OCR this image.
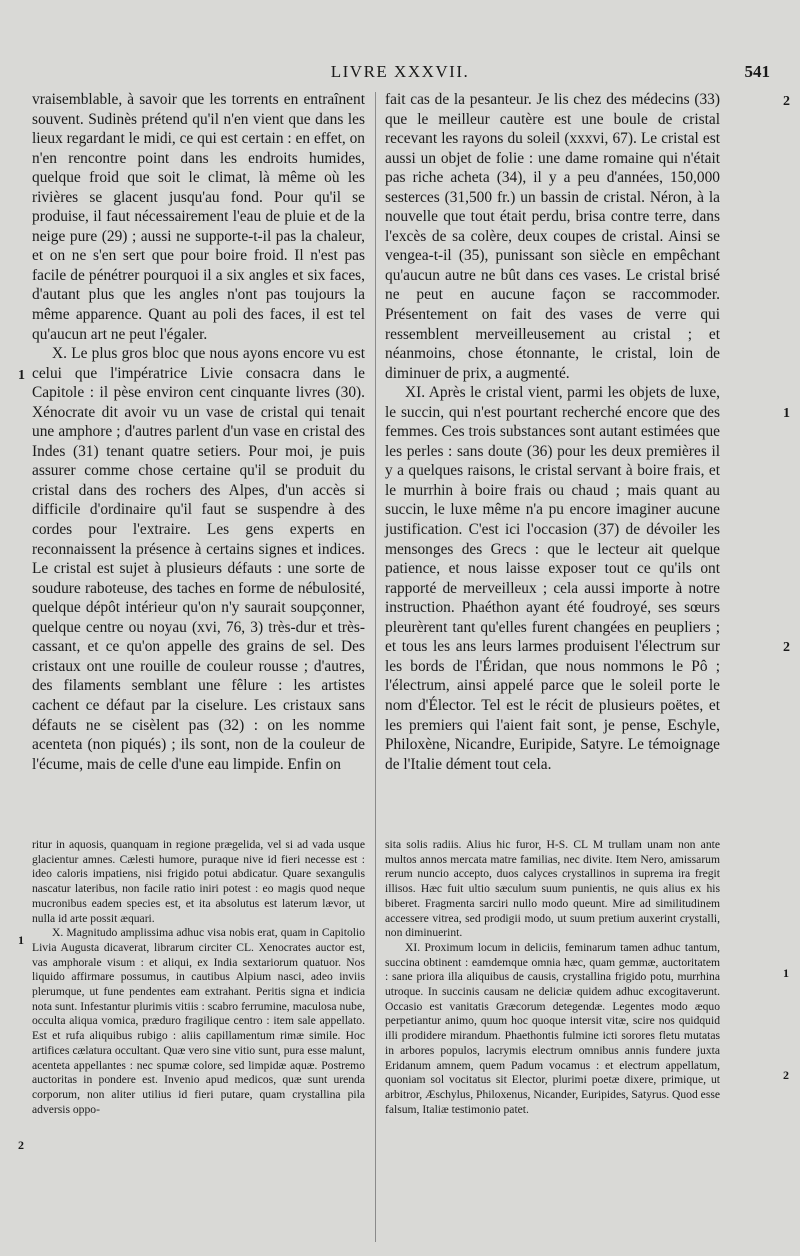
LIVRE XXXVII.	541

vraisemblable, à savoir que les torrents en entraînent souvent. Sudinès prétend qu'il n'en vient que dans les lieux regardant le midi, ce qui est certain : en effet, on n'en rencontre point dans les endroits humides, quelque froid que soit le climat, là même où les rivières se glacent jusqu'au fond. Pour qu'il se produise, il faut nécessairement l'eau de pluie et de la neige pure (29) ; aussi ne supporte-t-il pas la chaleur, et on ne s'en sert que pour boire froid. Il n'est pas facile de pénétrer pourquoi il a six angles et six faces, d'autant plus que les angles n'ont pas toujours la même apparence. Quant au poli des faces, il est tel qu'aucun art ne peut l'égaler.

X. Le plus gros bloc que nous ayons encore vu est celui que l'impératrice Livie consacra dans le Capitole : il pèse environ cent cinquante livres (30). Xénocrate dit avoir vu un vase de cristal qui tenait une amphore ; d'autres parlent d'un vase en cristal des Indes (31) tenant quatre setiers. Pour moi, je puis assurer comme chose certaine qu'il se produit du cristal dans des rochers des Alpes, d'un accès si difficile d'ordinaire qu'il faut se suspendre à des cordes pour l'extraire. Les gens experts en reconnaissent la présence à certains signes et indices. Le cristal est sujet à plusieurs défauts : une sorte de soudure raboteuse, des taches en forme de nébulosité, quelque dépôt intérieur qu'on n'y saurait soupçonner, quelque centre ou noyau (xvi, 76, 3) très-dur et très-cassant, et ce qu'on appelle des grains de sel. Des cristaux ont une rouille de couleur rousse ; d'autres, des filaments semblant une fêlure : les artistes cachent ce défaut par la ciselure. Les cristaux sans défauts ne se cisèlent pas (32) : on les nomme acenteta (non piqués) ; ils sont, non de la couleur de l'écume, mais de celle d'une eau limpide. Enfin on

fait cas de la pesanteur. Je lis chez des médecins (33) que le meilleur cautère est une boule de cristal recevant les rayons du soleil (xxxvi, 67). Le cristal est aussi un objet de folie : une dame romaine qui n'était pas riche acheta (34), il y a peu d'années, 150,000 sesterces (31,500 fr.) un bassin de cristal. Néron, à la nouvelle que tout était perdu, brisa contre terre, dans l'excès de sa colère, deux coupes de cristal. Ainsi se vengea-t-il (35), punissant son siècle en empêchant qu'aucun autre ne bût dans ces vases. Le cristal brisé ne peut en aucune façon se raccommoder. Présentement on fait des vases de verre qui ressemblent merveilleusement au cristal ; et néanmoins, chose étonnante, le cristal, loin de diminuer de prix, a augmenté.

XI. Après le cristal vient, parmi les objets de luxe, le succin, qui n'est pourtant recherché encore que des femmes. Ces trois substances sont autant estimées que les perles : sans doute (36) pour les deux premières il y a quelques raisons, le cristal servant à boire frais, et le murrhin à boire frais ou chaud ; mais quant au succin, le luxe même n'a pu encore imaginer aucune justification. C'est ici l'occasion (37) de dévoiler les mensonges des Grecs : que le lecteur ait quelque patience, et nous laisse exposer tout ce qu'ils ont rapporté de merveilleux ; cela aussi importe à notre instruction. Phaéthon ayant été foudroyé, ses sœurs pleurèrent tant qu'elles furent changées en peupliers ; et tous les ans leurs larmes produisent l'électrum sur les bords de l'Éridan, que nous nommons le Pô ; l'électrum, ainsi appelé parce que le soleil porte le nom d'Élector. Tel est le récit de plusieurs poëtes, et les premiers qui l'aient fait sont, je pense, Eschyle, Philoxène, Nicandre, Euripide, Satyre. Le témoignage de l'Italie dément tout cela.

ritur in aquosis, quanquam in regione prægelida, vel si ad vada usque glacientur amnes. Cælesti humore, puraque nive id fieri necesse est : ideo caloris impatiens, nisi frigido potui abdicatur. Quare sexangulis nascatur lateribus, non facile ratio iniri potest : eo magis quod neque mucronibus eadem species est, et ita absolutus est laterum lævor, ut nulla id arte possit æquari.

X. Magnitudo amplissima adhuc visa nobis erat, quam in Capitolio Livia Augusta dicaverat, librarum circiter CL. Xenocrates auctor est, vas amphorale visum : et aliqui, ex India sextariorum quatuor. Nos liquido affirmare possumus, in cautibus Alpium nasci, adeo inviis plerumque, ut fune pendentes eam extrahant. Peritis signa et indicia nota sunt. Infestantur plurimis vitiis : scabro ferrumine, maculosa nube, occulta aliqua vomica, prædurо fragilique centro : item sale appellato. Est et rufa aliquibus rubigo : aliis capillamentum rimæ simile. Hoc artifices cælatura occultant. Quæ vero sine vitio sunt, pura esse malunt, acenteta appellantes : nec spumæ colore, sed limpidæ aquæ. Postremo auctoritas in pondere est. Invenio apud medicos, quæ sunt urenda corporum, non aliter utilius id fieri putare, quam crystallina pila adversis oppo-

sita solis radiis. Alius hic furor, H-S. CL M trullam unam non ante multos annos mercata matre familias, nec divite. Item Nero, amissarum rerum nuncio accepto, duos calyces crystallinos in suprema ira fregit illisos. Hæc fuit ultio sæculum suum punientis, ne quis alius ex his biberet. Fragmenta sarciri nullo modo queunt. Mire ad similitudinem accessere vitrea, sed prodigii modo, ut suum pretium auxerint crystalli, non diminuerint.

XI. Proximum locum in deliciis, feminarum tamen adhuc tantum, succina obtinent : eamdemque omnia hæc, quam gemmæ, auctoritatem : sane priora illa aliquibus de causis, crystallina frigido potu, murrhina utroque. In succinis causam ne deliciæ quidem adhuc excogitaverunt. Occasio est vanitatis Græcorum detegendæ. Legentes modo æquo perpetiantur animo, quum hoc quoque intersit vitæ, scire nos quidquid illi prodidere mirandum. Phaethontis fulmine icti sorores fletu mutatas in arbores populos, lacrymis electrum omnibus annis fundere juxta Eridanum amnem, quem Padum vocamus : et electrum appellatum, quoniam sol vocitatus sit Elector, plurimi poetæ dixere, primique, ut arbitror, Æschylus, Philoxenus, Nicander, Euripides, Satyrus. Quod esse falsum, Italiæ testimonio patet.

1
2
1
2
1
2
1
2
